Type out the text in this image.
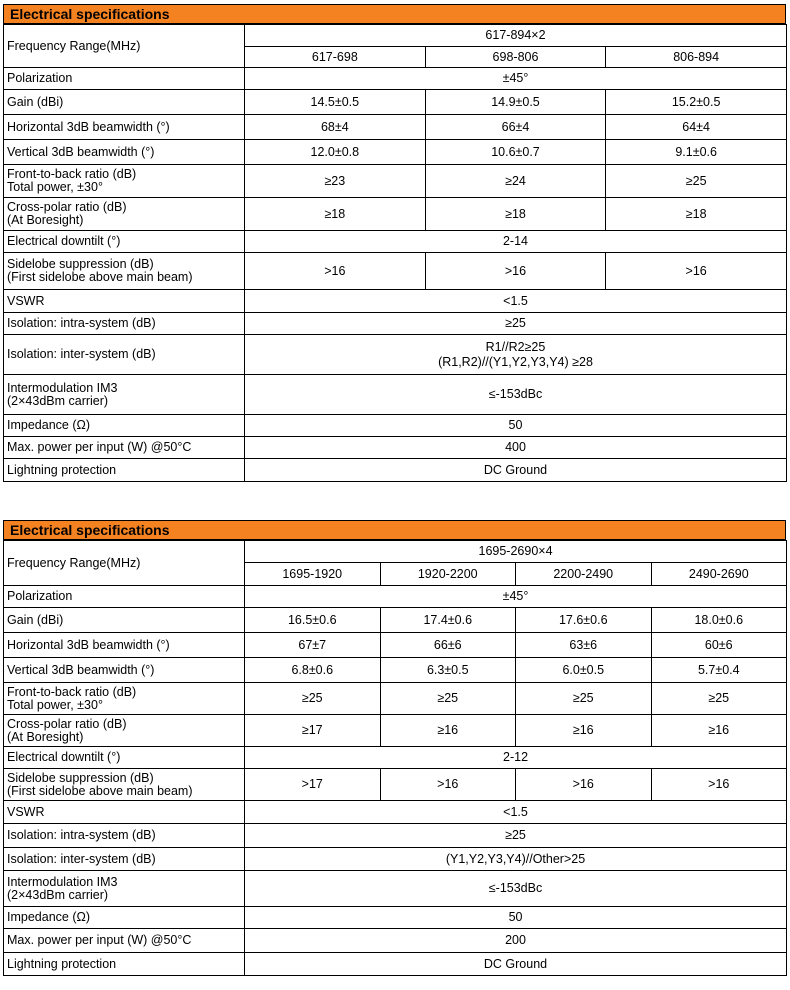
Electrical specifications
Frequency Range(MHz)	617-894×2		
	617-698	698-806	806-894

Polarization	±45°		

Gain (dBi)	14.5±0.5	14.9±0.5	15.2±0.5

Horizontal 3dB beamwidth (°)	68±4	66±4	64±4

Vertical 3dB beamwidth (°)	12.0±0.8	10.6±0.7	9.1±0.6

Front-to-back ratio (dB)
Total power, ±30°	≥23	≥24	≥25

Cross-polar ratio (dB)
(At Boresight)	≥18	≥18	≥18

Electrical downtilt (°)	2-14		

Sidelobe suppression (dB)
(First sidelobe above main beam)	>16	>16	>16

VSWR	<1.5		

Isolation: intra-system (dB)	≥25		

Isolation: inter-system (dB)	R1//R2≥25
(R1,R2)//(Y1,Y2,Y3,Y4) ≥28		

Intermodulation IM3
(2×43dBm carrier)	≤-153dBc		

Impedance (Ω)	50		

Max. power per input (W) @50°C	400		

Lightning protection	DC Ground		
Electrical specifications
Frequency Range(MHz)	1695-2690×4			
	1695-1920	1920-2200	2200-2490	2490-2690

Polarization	±45°			

Gain (dBi)	16.5±0.6	17.4±0.6	17.6±0.6	18.0±0.6

Horizontal 3dB beamwidth (°)	67±7	66±6	63±6	60±6

Vertical 3dB beamwidth (°)	6.8±0.6	6.3±0.5	6.0±0.5	5.7±0.4

Front-to-back ratio (dB)
Total power, ±30°	≥25	≥25	≥25	≥25

Cross-polar ratio (dB)
(At Boresight)	≥17	≥16	≥16	≥16

Electrical downtilt (°)	2-12			

Sidelobe suppression (dB)
(First sidelobe above main beam)	>17	>16	>16	>16

VSWR	<1.5			

Isolation: intra-system (dB)	≥25			

Isolation: inter-system (dB)	(Y1,Y2,Y3,Y4)//Other>25			

Intermodulation IM3
(2×43dBm carrier)	≤-153dBc			

Impedance (Ω)	50			

Max. power per input (W) @50°C	200			

Lightning protection	DC Ground			
